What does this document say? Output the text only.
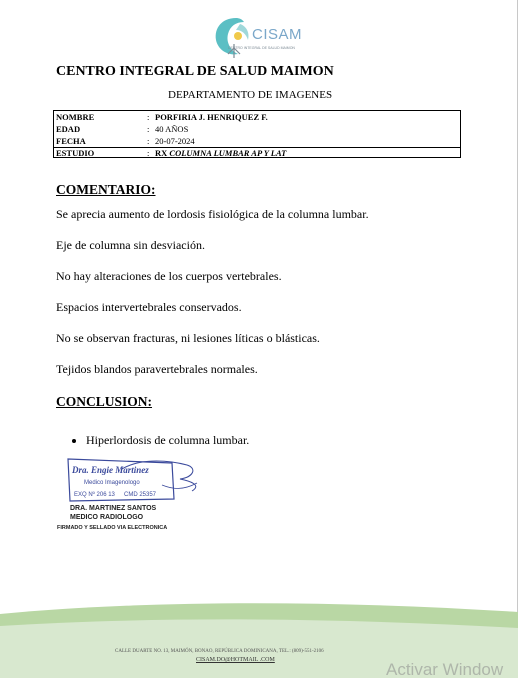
CISAM
CENTRO INTEGRAL DE SALUD MAIMON
CENTRO INTEGRAL DE SALUD MAIMON
DEPARTAMENTO DE IMAGENES
NOMBRE	: PORFIRIA J. HENRIQUEZ F.
EDAD	: 40 AÑOS
FECHA	: 20-07-2024
ESTUDIO	: RX COLUMNA LUMBAR AP Y LAT
COMENTARIO:
Se aprecia aumento de lordosis fisiológica de la columna lumbar.
Eje de columna sin desviación.
No hay alteraciones de los cuerpos vertebrales.
Espacios intervertebrales conservados.
No se observan fracturas, ni lesiones líticas o blásticas.
Tejidos blandos paravertebrales normales.
CONCLUSION:
Hiperlordosis de columna lumbar.
Dra. Engie Martinez
Medico Imagenologo
EXQ Nº 206 13 CMD 25357
DRA. MARTINEZ SANTOS
MEDICO RADIOLOGO
FIRMADO Y SELLADO VIA ELECTRONICA
CALLE DUARTE NO. 13, MAIMÓN, BONAO, REPÚBLICA DOMINICANA, TEL.: (809)-551-2106
CISAM.DO@HOTMAIL .COM	Activar Window
